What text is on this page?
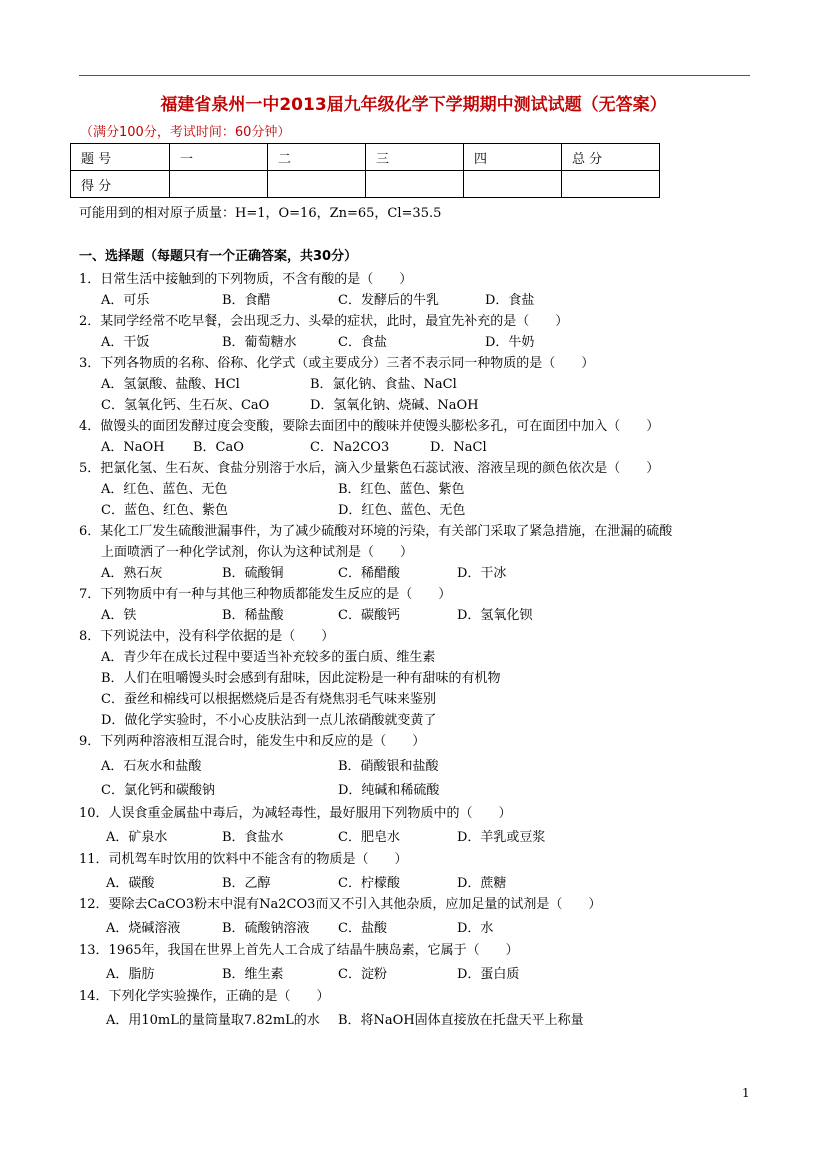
福建省泉州一中2013届九年级化学下学期期中测试试题（无答案）
（满分100分，考试时间：60分钟）
题 号	一	二	三	四	总 分
得 分					
可能用到的相对原子质量：H=1，O=16，Zn=65，Cl=35.5
一、选择题（每题只有一个正确答案，共30分）
1．日常生活中接触到的下列物质，不含有酸的是（　　）
A．可乐	B．食醋	C．发酵后的牛乳	D．食盐
2．某同学经常不吃早餐，会出现乏力、头晕的症状，此时，最宜先补充的是（　　）
A．干饭	B．葡萄糖水	C．食盐	D．牛奶
3．下列各物质的名称、俗称、化学式（或主要成分）三者不表示同一种物质的是（　　）
A．氢氯酸、盐酸、HCl	B．氯化钠、食盐、NaCl
C．氢氧化钙、生石灰、CaO	D．氢氧化钠、烧碱、NaOH
4．做馒头的面团发酵过度会变酸，要除去面团中的酸味并使馒头膨松多孔，可在面团中加入（　　）
A．NaOH B．CaO	C．Na2CO3	D．NaCl
5．把氯化氢、生石灰、食盐分别溶于水后，滴入少量紫色石蕊试液、溶液呈现的颜色依次是（　　）
A．红色、蓝色、无色	B．红色、蓝色、紫色
C．蓝色、红色、紫色	D．红色、蓝色、无色
6．某化工厂发生硫酸泄漏事件，为了减少硫酸对环境的污染，有关部门采取了紧急措施，在泄漏的硫酸
上面喷洒了一种化学试剂，你认为这种试剂是（　　）
A．熟石灰	B．硫酸铜	C．稀醋酸	D．干冰
7．下列物质中有一种与其他三种物质都能发生反应的是（　　）
A．铁	B．稀盐酸	C．碳酸钙	D．氢氧化钡
8．下列说法中，没有科学依据的是（　　）
A．青少年在成长过程中要适当补充较多的蛋白质、维生素
B．人们在咀嚼馒头时会感到有甜味，因此淀粉是一种有甜味的有机物
C．蚕丝和棉线可以根据燃烧后是否有烧焦羽毛气味来鉴别
D．做化学实验时，不小心皮肤沾到一点儿浓硝酸就变黄了
9．下列两种溶液相互混合时，能发生中和反应的是（　　）
A．石灰水和盐酸	B．硝酸银和盐酸
C．氯化钙和碳酸钠	D．纯碱和稀硫酸
10．人误食重金属盐中毒后，为减轻毒性，最好服用下列物质中的（　　）
A．矿泉水	B．食盐水	C．肥皂水	D．羊乳或豆浆
11．司机驾车时饮用的饮料中不能含有的物质是（　　）
A．碳酸	B．乙醇	C．柠檬酸	D．蔗糖
12．要除去CaCO3粉末中混有Na2CO3而又不引入其他杂质，应加足量的试剂是（　　）
A．烧碱溶液	B．硫酸钠溶液 C．盐酸	D．水
13．1965年，我国在世界上首先人工合成了结晶牛胰岛素，它属于（　　）
A．脂肪	B．维生素	C．淀粉	D．蛋白质
14．下列化学实验操作，正确的是（　　）
A．用10mL的量筒量取7.82mL的水 B．将NaOH固体直接放在托盘天平上称量
1
